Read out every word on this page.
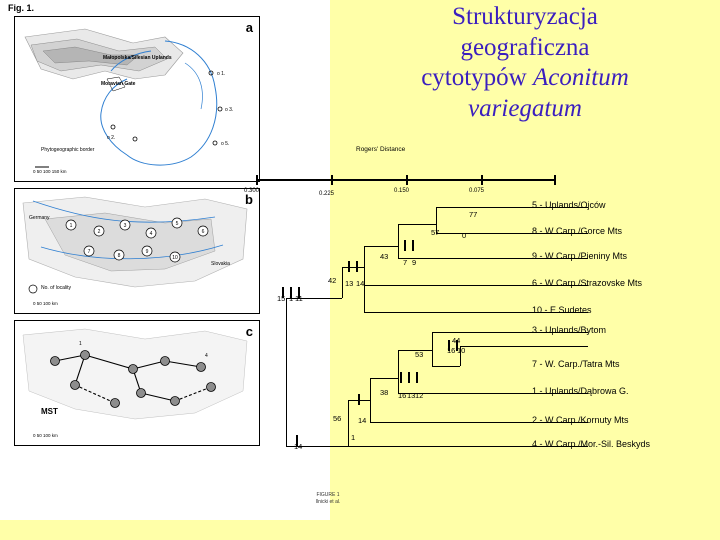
Fig. 1.
o 1.
o 3.
o 5.
o 2.
a
Małopolska/Silesian Uplands
Moravian Gate
Phytogeographic border
0 50 100 150 km
1
2
3
4
5
6
7
8
9
10
Germany
Slovakia
b
No. of locality
0 50 100 km
1
4
c
MST
0 50 100 km
FIGURE 1
Ilnicki et al.
Strukturyzacja
geograficzna
cytotypów Aconitum
variegatum
Rogers' Distance
0.300	0.225	0.150	0.075
15 1 11
42 13 14
43
7 9
57
77
0
14
56 14
1
38 16 13 12
53
44
16 10
5 - Uplands/Ojców
8 - W Carp./Gorce Mts
9 - W Carp./Pieniny Mts
6 - W Carp./Strazovske Mts
10 - E Sudetes
3 - Uplands/Bytom
7 - W. Carp./Tatra Mts
1 - Uplands/Dąbrowa G.
2 - W Carp./Kornuty Mts
4 - W Carp./Mor.-Sil. Beskyds
